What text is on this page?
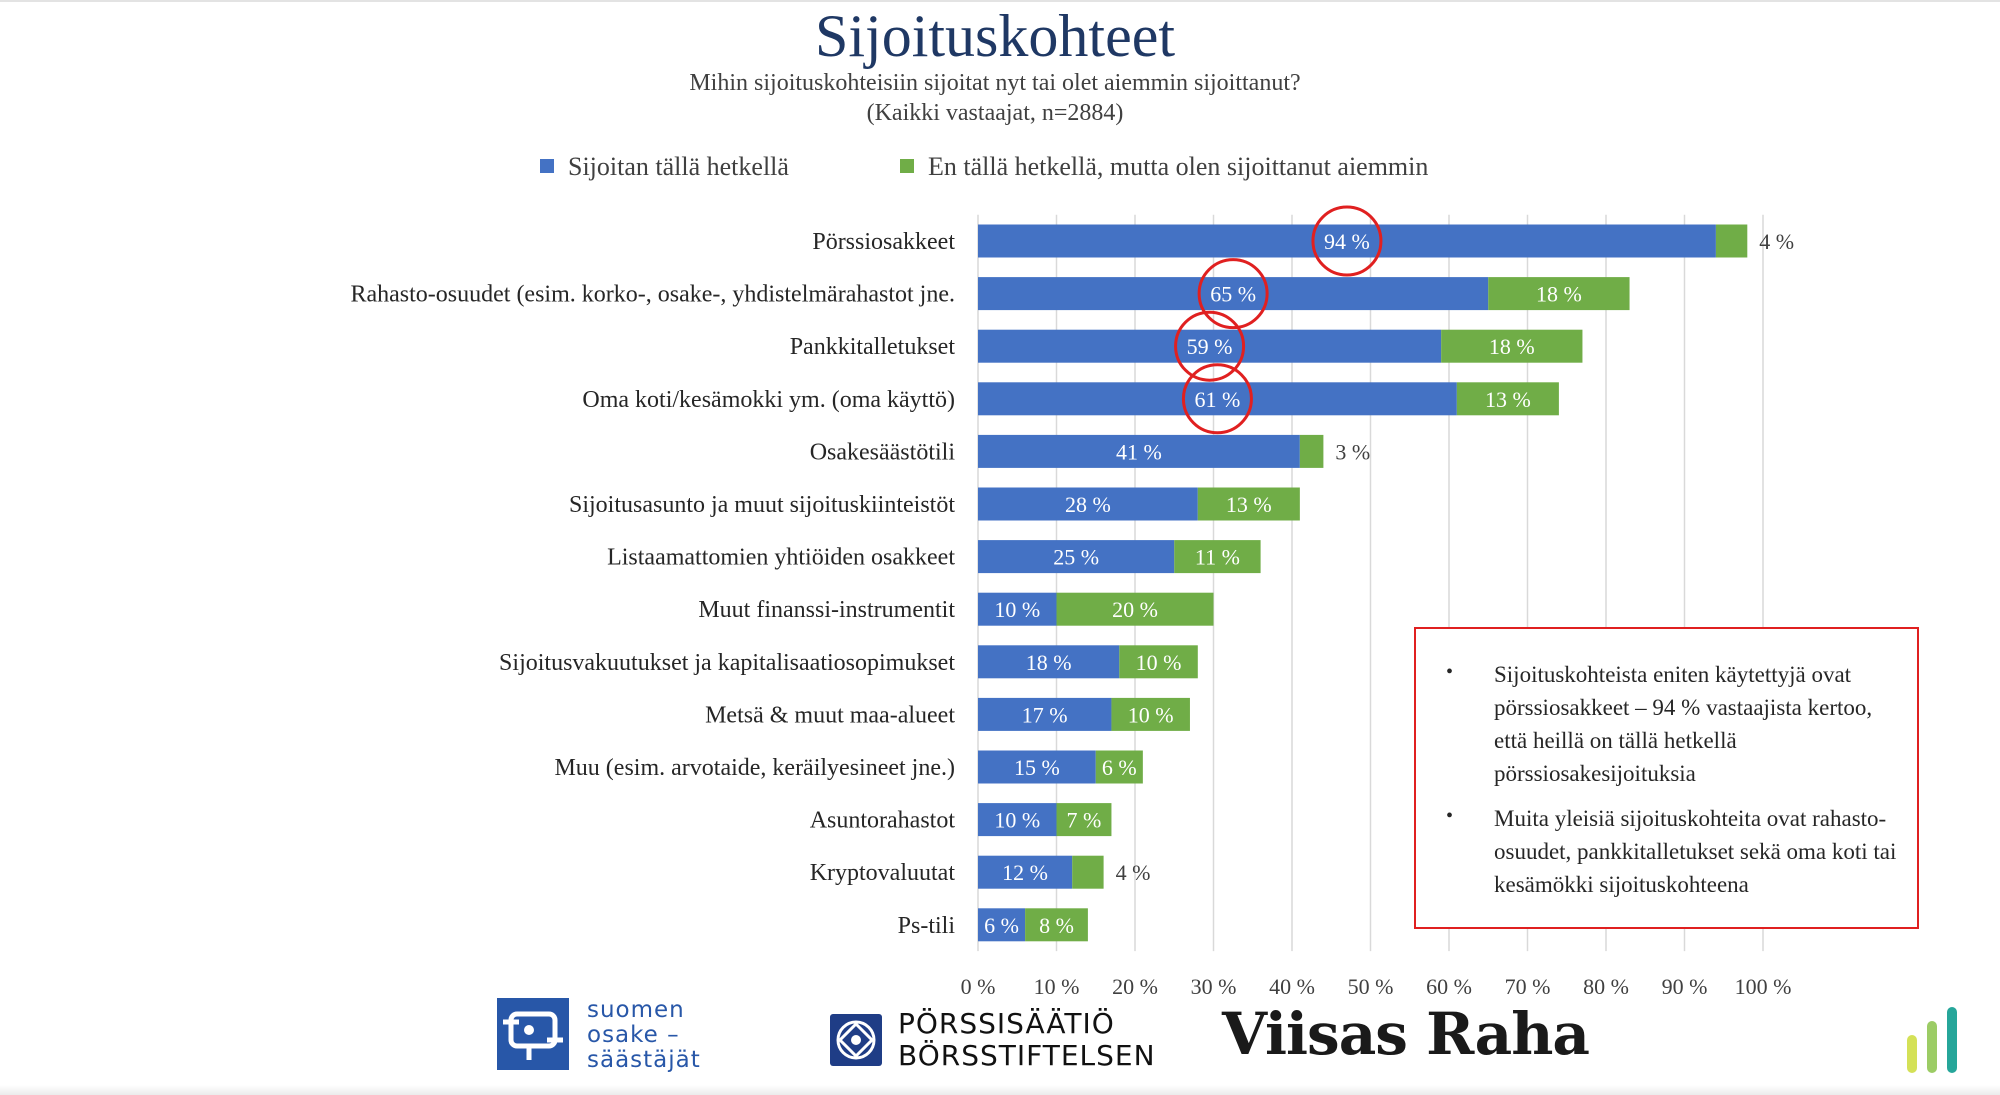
Sijoituskohteet
Mihin sijoituskohteisiin sijoitat nyt tai olet aiemmin sijoittanut?
(Kaikki vastaajat, n=2884)
Sijoitan tällä hetkellä	En tällä hetkellä, mutta olen sijoittanut aiemmin
0 % 10 % 20 % 30 % 40 % 50 % 60 % 70 % 80 % 90 % 100 %
Pörssiosakkeet	94 %	4 %
Rahasto-osuudet (esim. korko-, osake-, yhdistelmärahastot jne.	65 %	18 %
Pankkitalletukset	59 %	18 %
Oma koti/kesämokki ym. (oma käyttö)	61 %	13 %
Osakesäästötili	41 %	3 %
Sijoitusasunto ja muut sijoituskiinteistöt	28 %	13 %
Listaamattomien yhtiöiden osakkeet	25 %	11 %
Muut finanssi-instrumentit 10 %	20 %
Sijoitusvakuutukset ja kapitalisaatiosopimukset	18 %	10 %
Metsä & muut maa-alueet	17 %	10 %
Muu (esim. arvotaide, keräilyesineet jne.)	15 % 6 %
Asuntorahastot 10 % 7 %
Kryptovaluutat 12 %	4 %
Ps-tili 6 % 8 %
• Sijoituskohteista eniten käytettyjä ovat pörssiosakkeet – 94 % vastaajista kertoo, että heillä on tällä hetkellä pörssiosakesijoituksia
• Muita yleisiä sijoituskohteita ovat rahasto-osuudet, pankkitalletukset sekä oma koti tai kesämökki sijoituskohteena
suomen
osake –
säästäjät
PÖRSSISÄÄTIÖ
BÖRSSTIFTELSEN Viisas Raha
